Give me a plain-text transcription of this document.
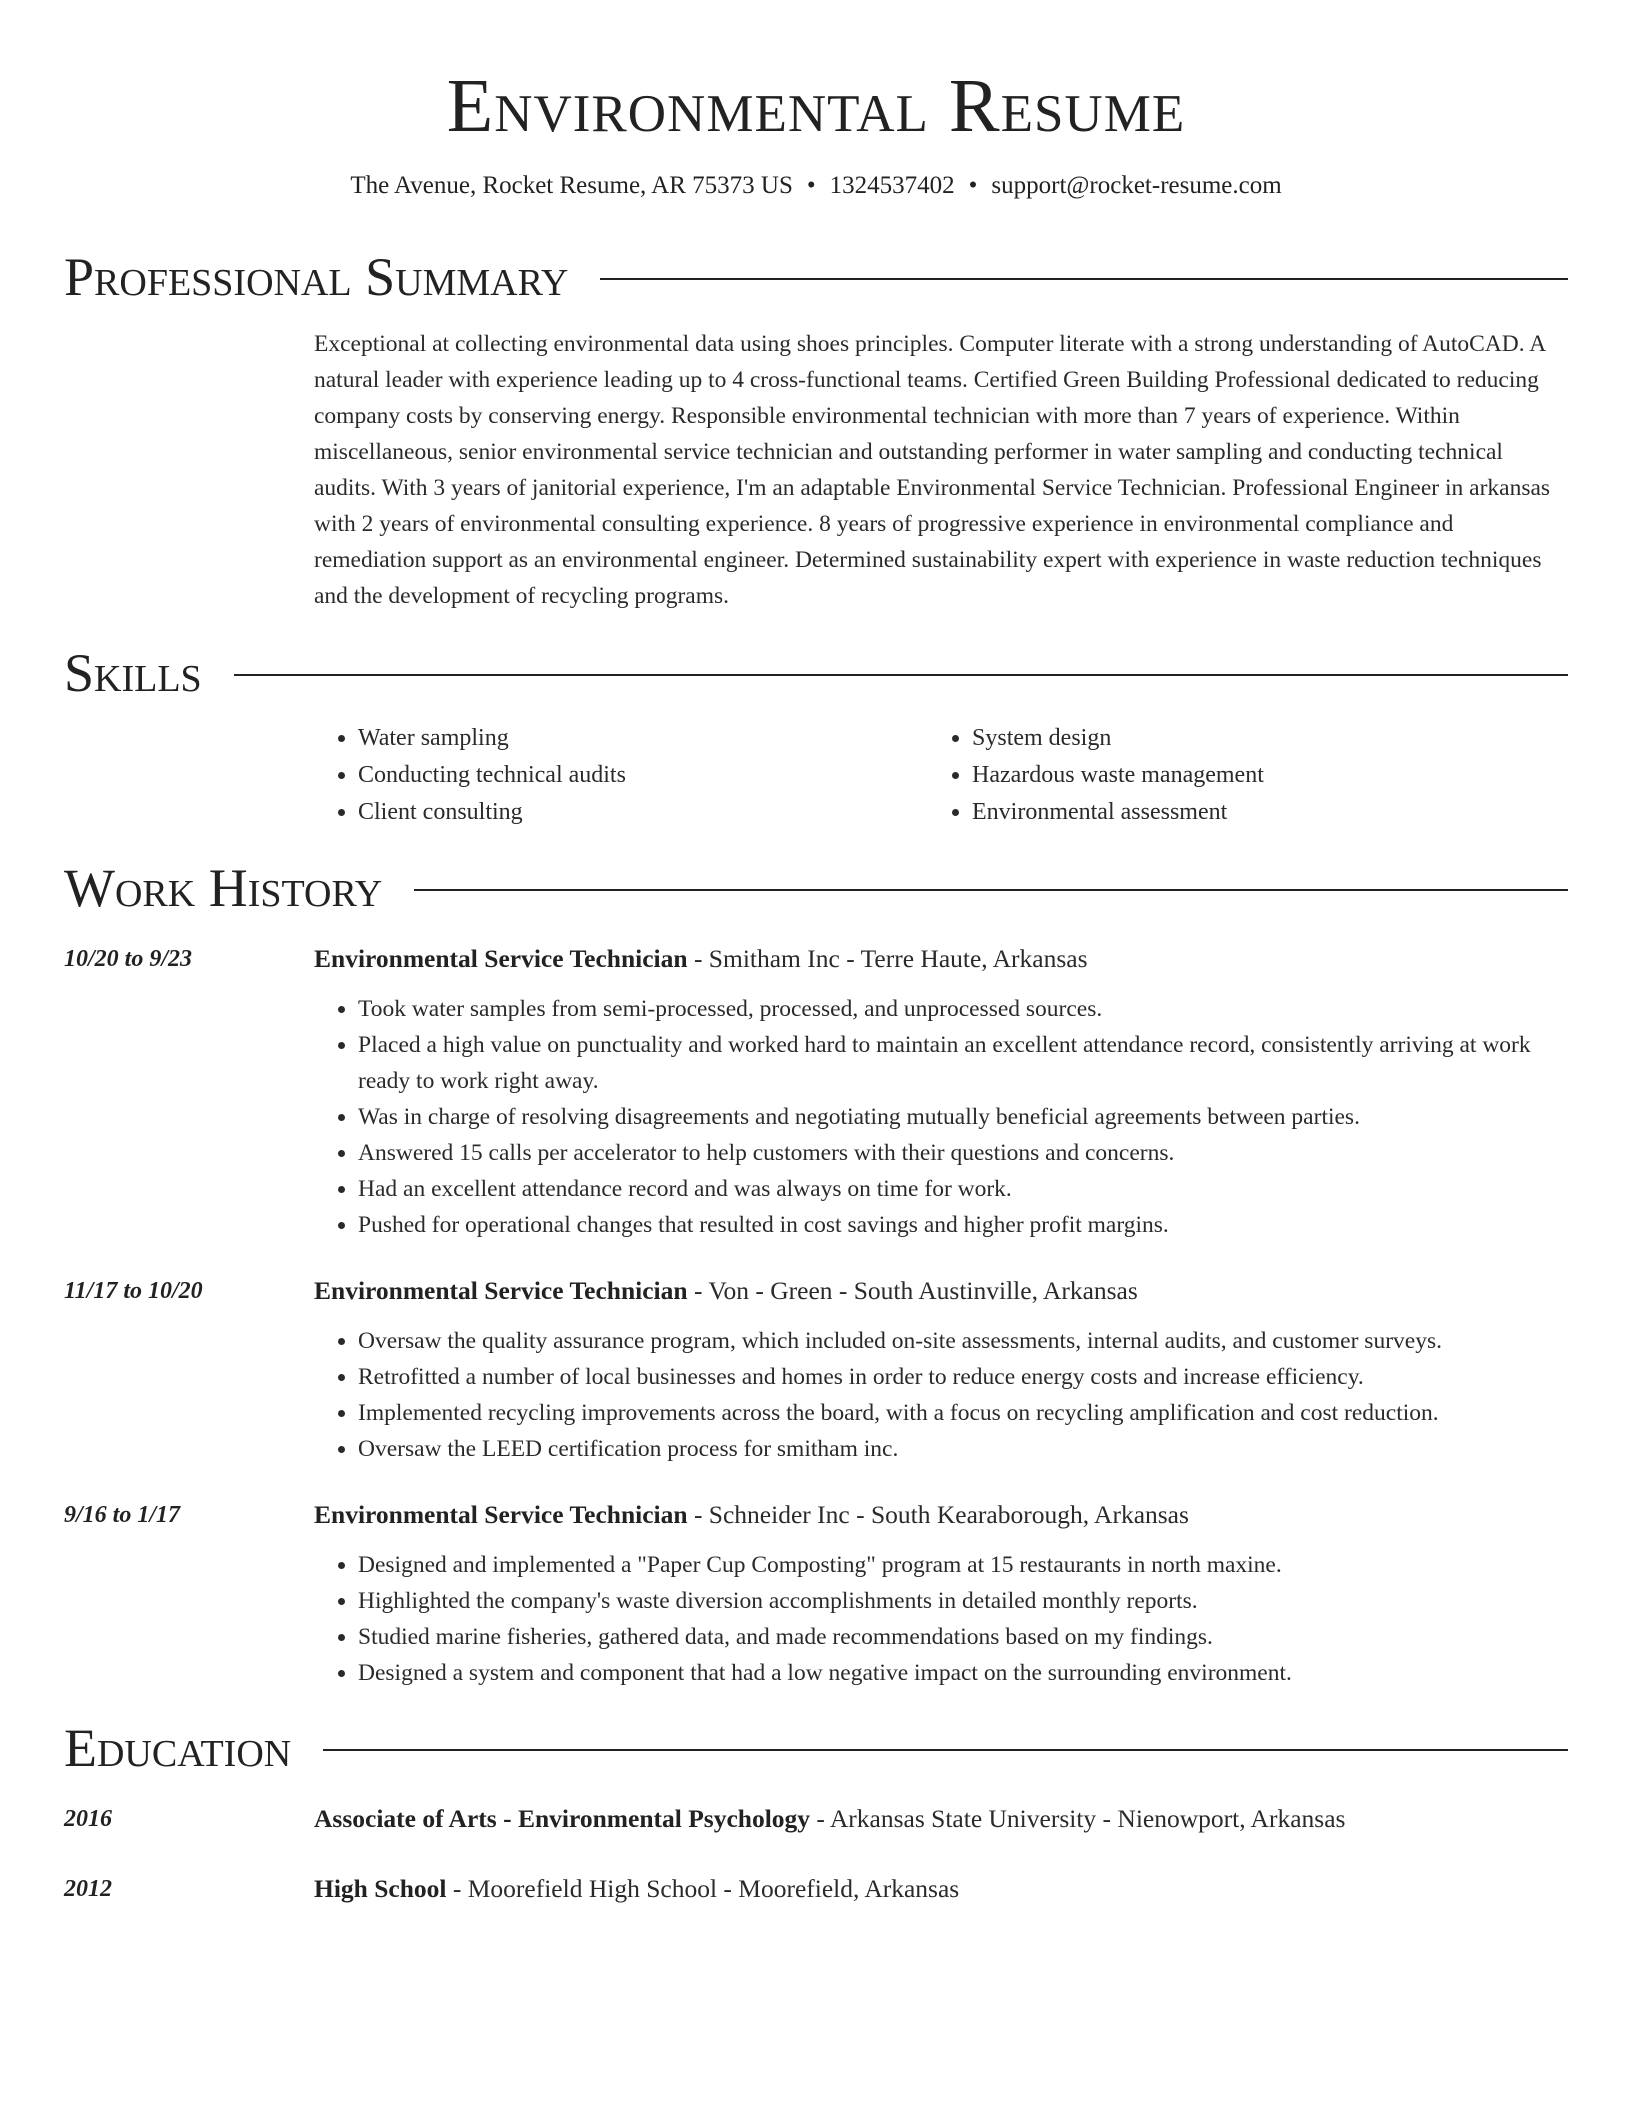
Environmental Resume
The Avenue, Rocket Resume, AR 75373 US • 1324537402 • support@rocket-resume.com
Professional Summary
Exceptional at collecting environmental data using shoes principles. Computer literate with a strong understanding of AutoCAD. A natural leader with experience leading up to 4 cross-functional teams. Certified Green Building Professional dedicated to reducing company costs by conserving energy. Responsible environmental technician with more than 7 years of experience. Within miscellaneous, senior environmental service technician and outstanding performer in water sampling and conducting technical audits. With 3 years of janitorial experience, I'm an adaptable Environmental Service Technician. Professional Engineer in arkansas with 2 years of environmental consulting experience. 8 years of progressive experience in environmental compliance and remediation support as an environmental engineer. Determined sustainability expert with experience in waste reduction techniques and the development of recycling programs.
Skills
• Water sampling
• Conducting technical audits
• Client consulting
• System design
• Hazardous waste management
• Environmental assessment
Work History
10/20 to 9/23	Environmental Service Technician - Smitham Inc - Terre Haute, Arkansas
• Took water samples from semi-processed, processed, and unprocessed sources.
• Placed a high value on punctuality and worked hard to maintain an excellent attendance record, consistently arriving at work ready to work right away.
• Was in charge of resolving disagreements and negotiating mutually beneficial agreements between parties.
• Answered 15 calls per accelerator to help customers with their questions and concerns.
• Had an excellent attendance record and was always on time for work.
• Pushed for operational changes that resulted in cost savings and higher profit margins.
11/17 to 10/20	Environmental Service Technician - Von - Green - South Austinville, Arkansas
• Oversaw the quality assurance program, which included on-site assessments, internal audits, and customer surveys.
• Retrofitted a number of local businesses and homes in order to reduce energy costs and increase efficiency.
• Implemented recycling improvements across the board, with a focus on recycling amplification and cost reduction.
• Oversaw the LEED certification process for smitham inc.
9/16 to 1/17	Environmental Service Technician - Schneider Inc - South Kearaborough, Arkansas
• Designed and implemented a "Paper Cup Composting" program at 15 restaurants in north maxine.
• Highlighted the company's waste diversion accomplishments in detailed monthly reports.
• Studied marine fisheries, gathered data, and made recommendations based on my findings.
• Designed a system and component that had a low negative impact on the surrounding environment.
Education
2016	Associate of Arts - Environmental Psychology - Arkansas State University - Nienowport, Arkansas
2012	High School - Moorefield High School - Moorefield, Arkansas
